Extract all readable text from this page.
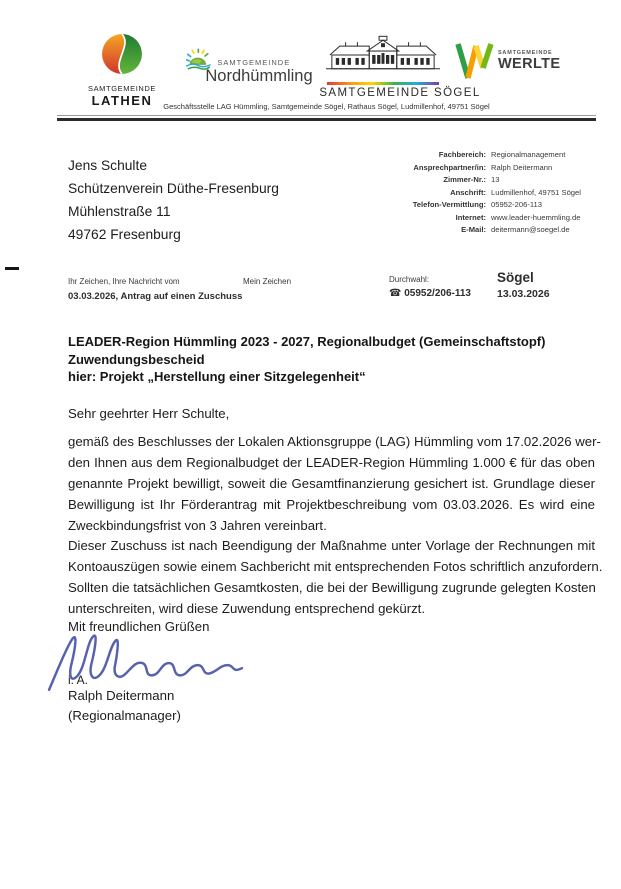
SAMTGEMEINDE
LATHEN
SAMTGEMEINDE
Nordhümmling
SAMTGEMEINDE SÖGEL
SAMTGEMEINDE
WERLTE
Geschäftsstelle LAG Hümmling, Samtgemeinde Sögel, Rathaus Sögel, Ludmillenhof, 49751 Sögel
Jens Schulte
Schützenverein Düthe-Fresenburg
Mühlenstraße 11
49762 Fresenburg
Fachbereich: Regionalmanagement
Ansprechpartner/in: Ralph Deitermann
Zimmer-Nr.: 13
Anschrift: Ludmillenhof, 49751 Sögel
Telefon-Vermittlung: 05952-206-113
Internet: www.leader-huemmling.de
E-Mail: deitermann@soegel.de
Ihr Zeichen, Ihre Nachricht vom
03.03.2026, Antrag auf einen Zuschuss
Mein Zeichen	Durchwahl:
☎ 05952/206-113
Sögel
13.03.2026
LEADER-Region Hümmling 2023 - 2027, Regionalbudget (Gemeinschaftstopf)
Zuwendungsbescheid
hier: Projekt „Herstellung einer Sitzgelegenheit“
Sehr geehrter Herr Schulte,
gemäß des Beschlusses der Lokalen Aktionsgruppe (LAG) Hümmling vom 17.02.2026 wer-
den Ihnen aus dem Regionalbudget der LEADER-Region Hümmling 1.000 € für das oben
genannte Projekt bewilligt, soweit die Gesamtfinanzierung gesichert ist. Grundlage dieser
Bewilligung ist Ihr Förderantrag mit Projektbeschreibung vom 03.03.2026. Es wird eine
Zweckbindungsfrist von 3 Jahren vereinbart.
Dieser Zuschuss ist nach Beendigung der Maßnahme unter Vorlage der Rechnungen mit
Kontoauszügen sowie einem Sachbericht mit entsprechenden Fotos schriftlich anzufordern.
Sollten die tatsächlichen Gesamtkosten, die bei der Bewilligung zugrunde gelegten Kosten
unterschreiten, wird diese Zuwendung entsprechend gekürzt.
Mit freundlichen Grüßen
i. A.
Ralph Deitermann
(Regionalmanager)
